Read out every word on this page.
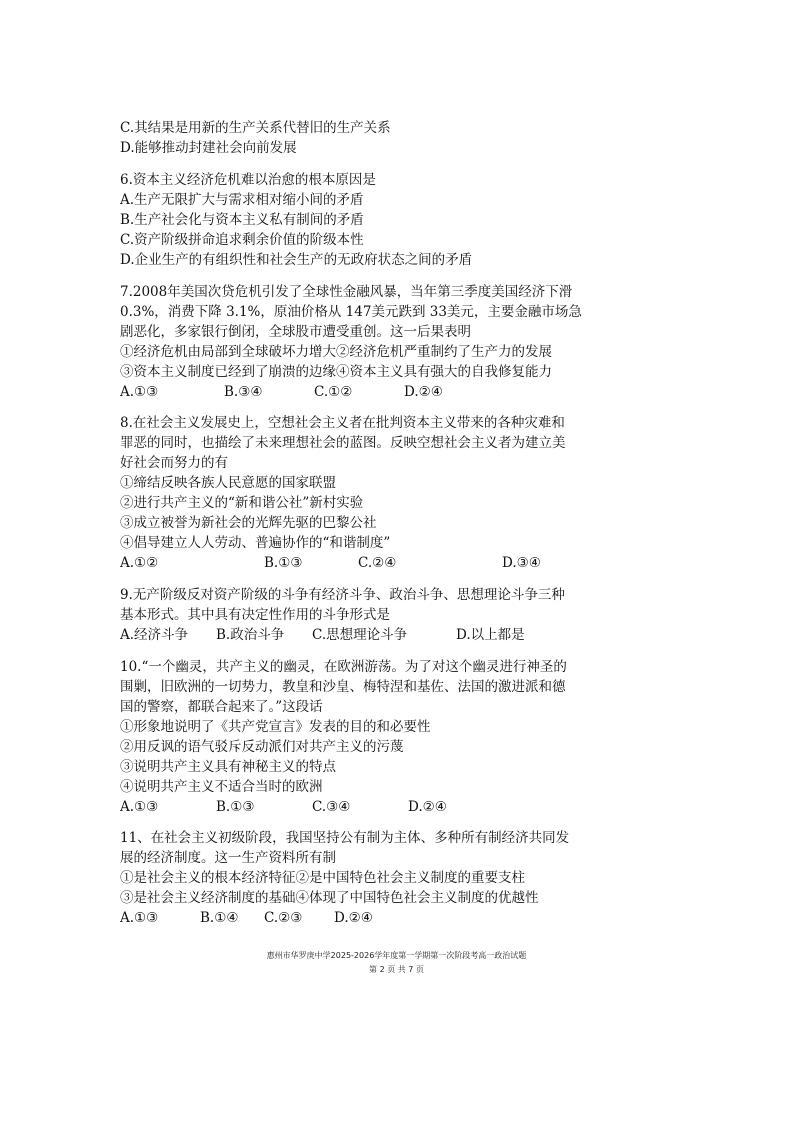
C.其结果是用新的生产关系代替旧的生产关系
D.能够推动封建社会向前发展
6.资本主义经济危机难以治愈的根本原因是
A.生产无限扩大与需求相对缩小间的矛盾
B.生产社会化与资本主义私有制间的矛盾
C.资产阶级拼命追求剩余价值的阶级本性
D.企业生产的有组织性和社会生产的无政府状态之间的矛盾
7.2008年美国次贷危机引发了全球性金融风暴，当年第三季度美国经济下滑
0.3%，消费下降 3.1%，原油价格从 147美元跌到 33美元，主要金融市场急
剧恶化，多家银行倒闭，全球股市遭受重创。这一后果表明
①经济危机由局部到全球破坏力增大②经济危机严重制约了生产力的发展
③资本主义制度已经到了崩溃的边缘④资本主义具有强大的自我修复能力
A.①③	B.③④	C.①②	D.②④
8.在社会主义发展史上，空想社会主义者在批判资本主义带来的各种灾难和
罪恶的同时，也描绘了未来理想社会的蓝图。反映空想社会主义者为建立美
好社会而努力的有
①缔结反映各族人民意愿的国家联盟
②进行共产主义的“新和谐公社”新村实验
③成立被誉为新社会的光辉先驱的巴黎公社
④倡导建立人人劳动、普遍协作的“和谐制度”
A.①②	B.①③	C.②④	D.③④
9.无产阶级反对资产阶级的斗争有经济斗争、政治斗争、思想理论斗争三种
基本形式。其中具有决定性作用的斗争形式是
A.经济斗争	B.政治斗争	C.思想理论斗争	D.以上都是
10.“一个幽灵，共产主义的幽灵，在欧洲游荡。为了对这个幽灵进行神圣的
围剿，旧欧洲的一切势力，教皇和沙皇、梅特涅和基佐、法国的激进派和德
国的警察，都联合起来了。”这段话
①形象地说明了《共产党宣言》发表的目的和必要性
②用反讽的语气驳斥反动派们对共产主义的污蔑
③说明共产主义具有神秘主义的特点
④说明共产主义不适合当时的欧洲
A.①③	B.①③	C.③④	D.②④
11、在社会主义初级阶段，我国坚持公有制为主体、多种所有制经济共同发
展的经济制度。这一生产资料所有制
①是社会主义的根本经济特征②是中国特色社会主义制度的重要支柱
③是社会主义经济制度的基础④体现了中国特色社会主义制度的优越性
A.①③	B.①④	C.②③	D.②④
惠州市华罗庚中学2025-2026学年度第一学期第一次阶段考高一政治试题
第 2 页 共 7 页
